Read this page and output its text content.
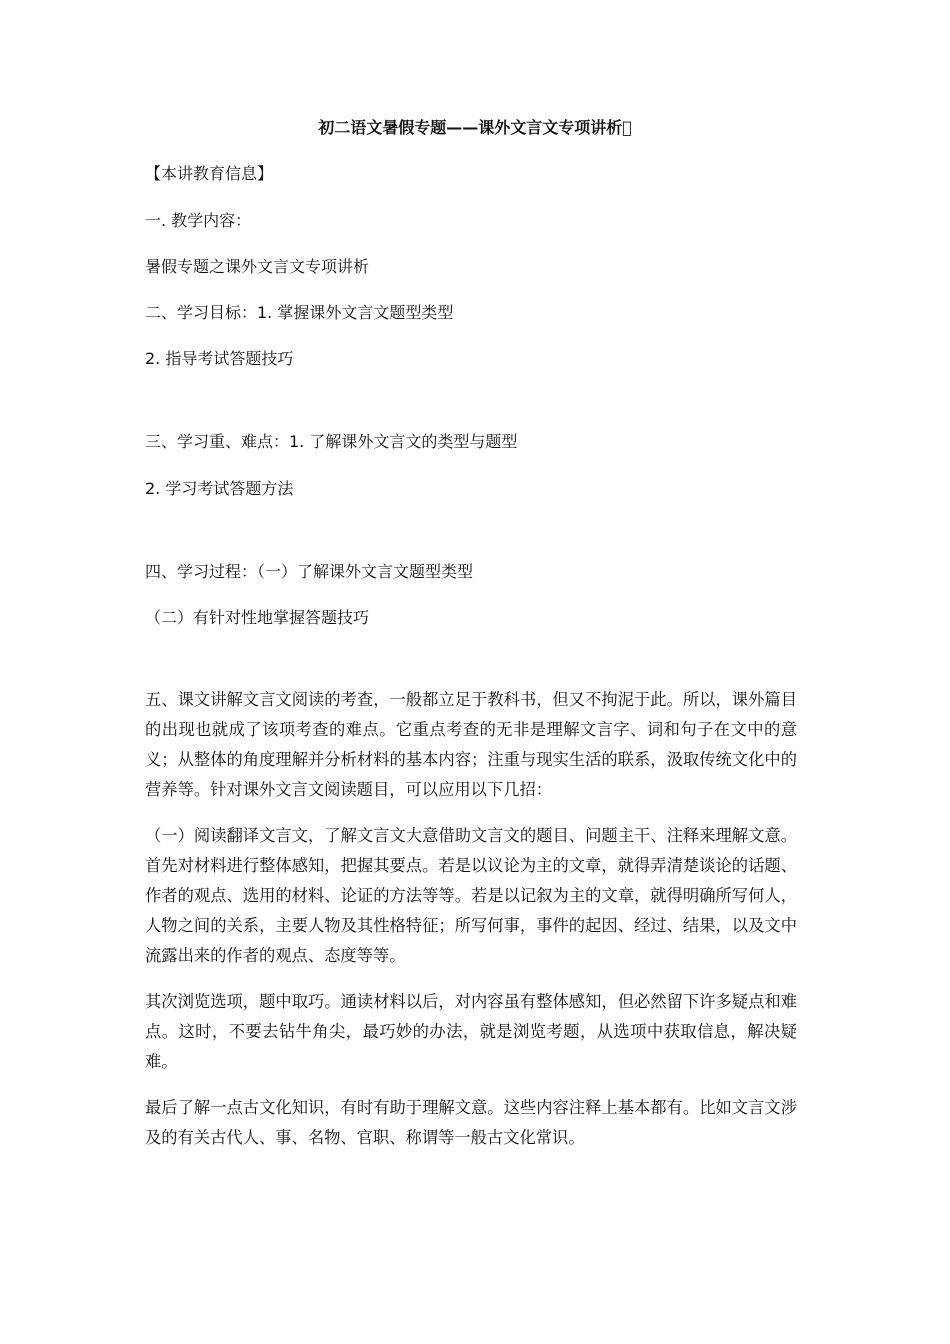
初二语文暑假专题——课外文言文专项讲析 
【本讲教育信息】
一. 教学内容：
暑假专题之课外文言文专项讲析
二、学习目标：1. 掌握课外文言文题型类型
2. 指导考试答题技巧
三、学习重、难点：1. 了解课外文言文的类型与题型
2. 学习考试答题方法
四、学习过程：（一）了解课外文言文题型类型
（二）有针对性地掌握答题技巧
五、课文讲解文言文阅读的考查，一般都立足于教科书，但又不拘泥于此。所以，课外篇目的出现也就成了该项考查的难点。它重点考查的无非是理解文言字、词和句子在文中的意义；从整体的角度理解并分析材料的基本内容；注重与现实生活的联系，汲取传统文化中的营养等。针对课外文言文阅读题目，可以应用以下几招：
（一）阅读翻译文言文，了解文言文大意借助文言文的题目、问题主干、注释来理解文意。首先对材料进行整体感知，把握其要点。若是以议论为主的文章，就得弄清楚谈论的话题、作者的观点、选用的材料、论证的方法等等。若是以记叙为主的文章，就得明确所写何人，人物之间的关系，主要人物及其性格特征；所写何事，事件的起因、经过、结果，以及文中流露出来的作者的观点、态度等等。
其次浏览选项，题中取巧。通读材料以后，对内容虽有整体感知，但必然留下许多疑点和难点。这时，不要去钻牛角尖，最巧妙的办法，就是浏览考题，从选项中获取信息，解决疑难。
最后了解一点古文化知识，有时有助于理解文意。这些内容注释上基本都有。比如文言文涉及的有关古代人、事、名物、官职、称谓等一般古文化常识。
